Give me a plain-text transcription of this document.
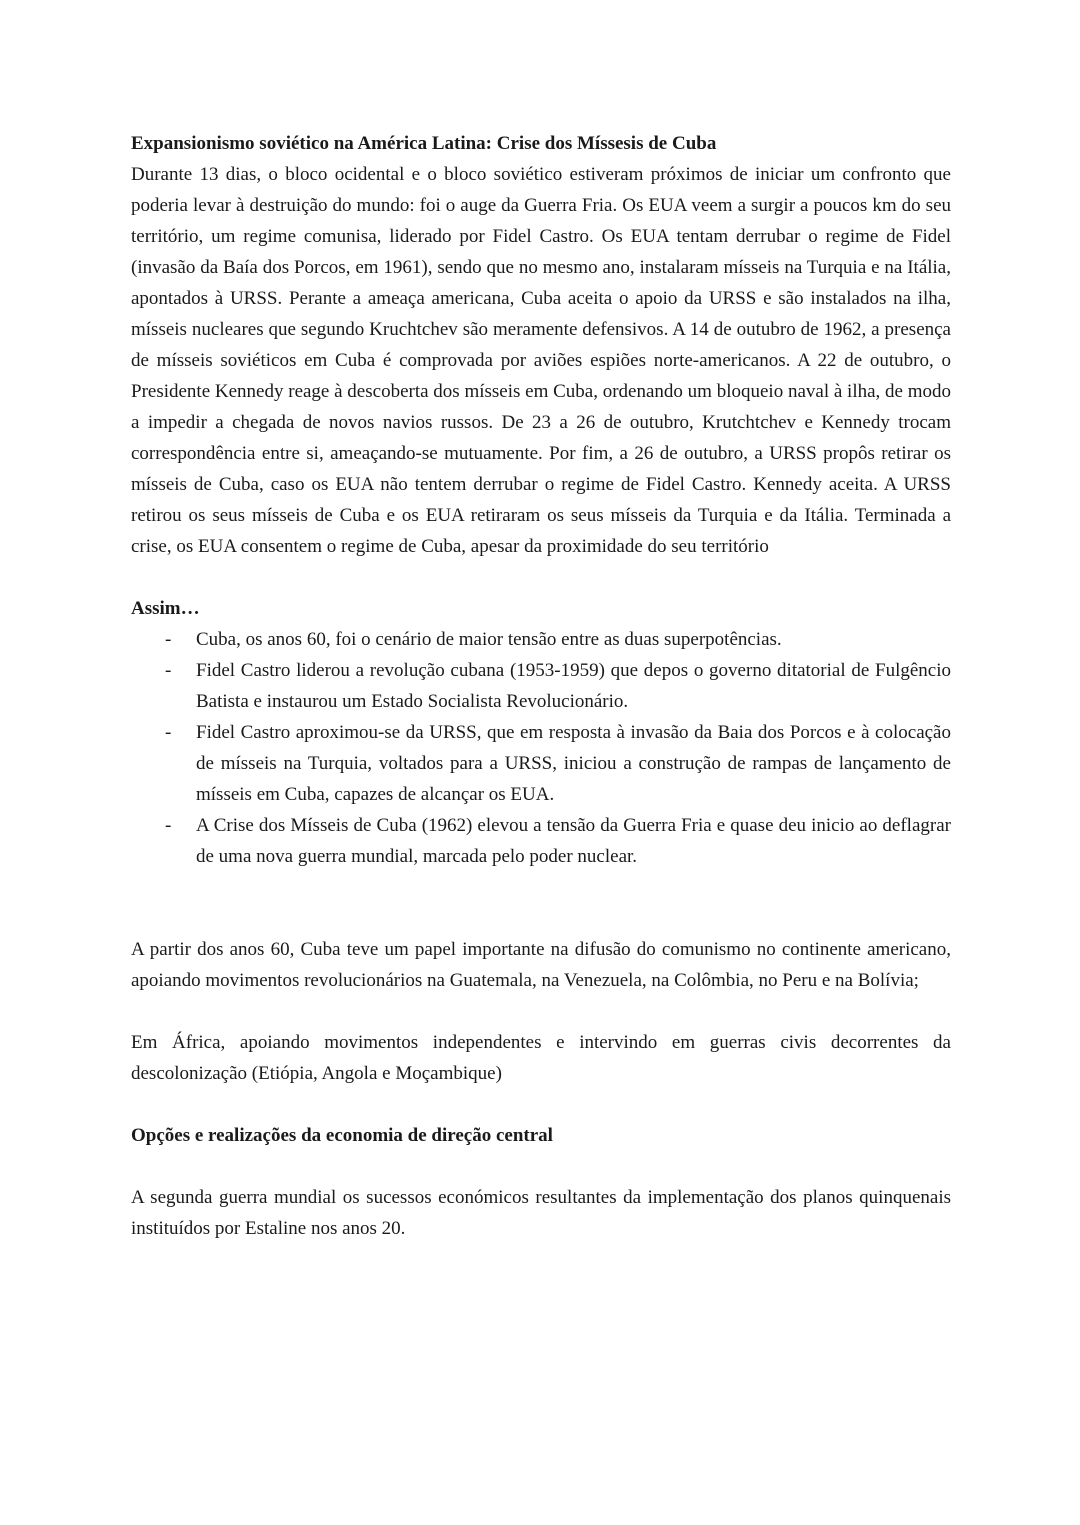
Expansionismo soviético na América Latina: Crise dos Míssesis de Cuba

Durante 13 dias, o bloco ocidental e o bloco soviético estiveram próximos de iniciar um confronto que poderia levar à destruição do mundo: foi o auge da Guerra Fria. Os EUA veem a surgir a poucos km do seu território, um regime comunisa, liderado por Fidel Castro. Os EUA tentam derrubar o regime de Fidel (invasão da Baía dos Porcos, em 1961), sendo que no mesmo ano, instalaram mísseis na Turquia e na Itália, apontados à URSS. Perante a ameaça americana, Cuba aceita o apoio da URSS e são instalados na ilha, mísseis nucleares que segundo Kruchtchev são meramente defensivos. A 14 de outubro de 1962, a presença de mísseis soviéticos em Cuba é comprovada por aviões espiões norte-americanos. A 22 de outubro, o Presidente Kennedy reage à descoberta dos mísseis em Cuba, ordenando um bloqueio naval à ilha, de modo a impedir a chegada de novos navios russos. De 23 a 26 de outubro, Krutchtchev e Kennedy trocam correspondência entre si, ameaçando-se mutuamente. Por fim, a 26 de outubro, a URSS propôs retirar os mísseis de Cuba, caso os EUA não tentem derrubar o regime de Fidel Castro. Kennedy aceita. A URSS retirou os seus mísseis de Cuba e os EUA retiraram os seus mísseis da Turquia e da Itália. Terminada a crise, os EUA consentem o regime de Cuba, apesar da proximidade do seu território

Assim…

- Cuba, os anos 60, foi o cenário de maior tensão entre as duas superpotências.
- Fidel Castro liderou a revolução cubana (1953-1959) que depos o governo ditatorial de Fulgêncio Batista e instaurou um Estado Socialista Revolucionário.
- Fidel Castro aproximou-se da URSS, que em resposta à invasão da Baia dos Porcos e à colocação de mísseis na Turquia, voltados para a URSS, iniciou a construção de rampas de lançamento de mísseis em Cuba, capazes de alcançar os EUA.
- A Crise dos Mísseis de Cuba (1962) elevou a tensão da Guerra Fria e quase deu inicio ao deflagrar de uma nova guerra mundial, marcada pelo poder nuclear.

A partir dos anos 60, Cuba teve um papel importante na difusão do comunismo no continente americano, apoiando movimentos revolucionários na Guatemala, na Venezuela, na Colômbia, no Peru e na Bolívia;

Em África, apoiando movimentos independentes e intervindo em guerras civis decorrentes da descolonização (Etiópia, Angola e Moçambique)

Opções e realizações da economia de direção central

A segunda guerra mundial os sucessos económicos resultantes da implementação dos planos quinquenais instituídos por Estaline nos anos 20.
